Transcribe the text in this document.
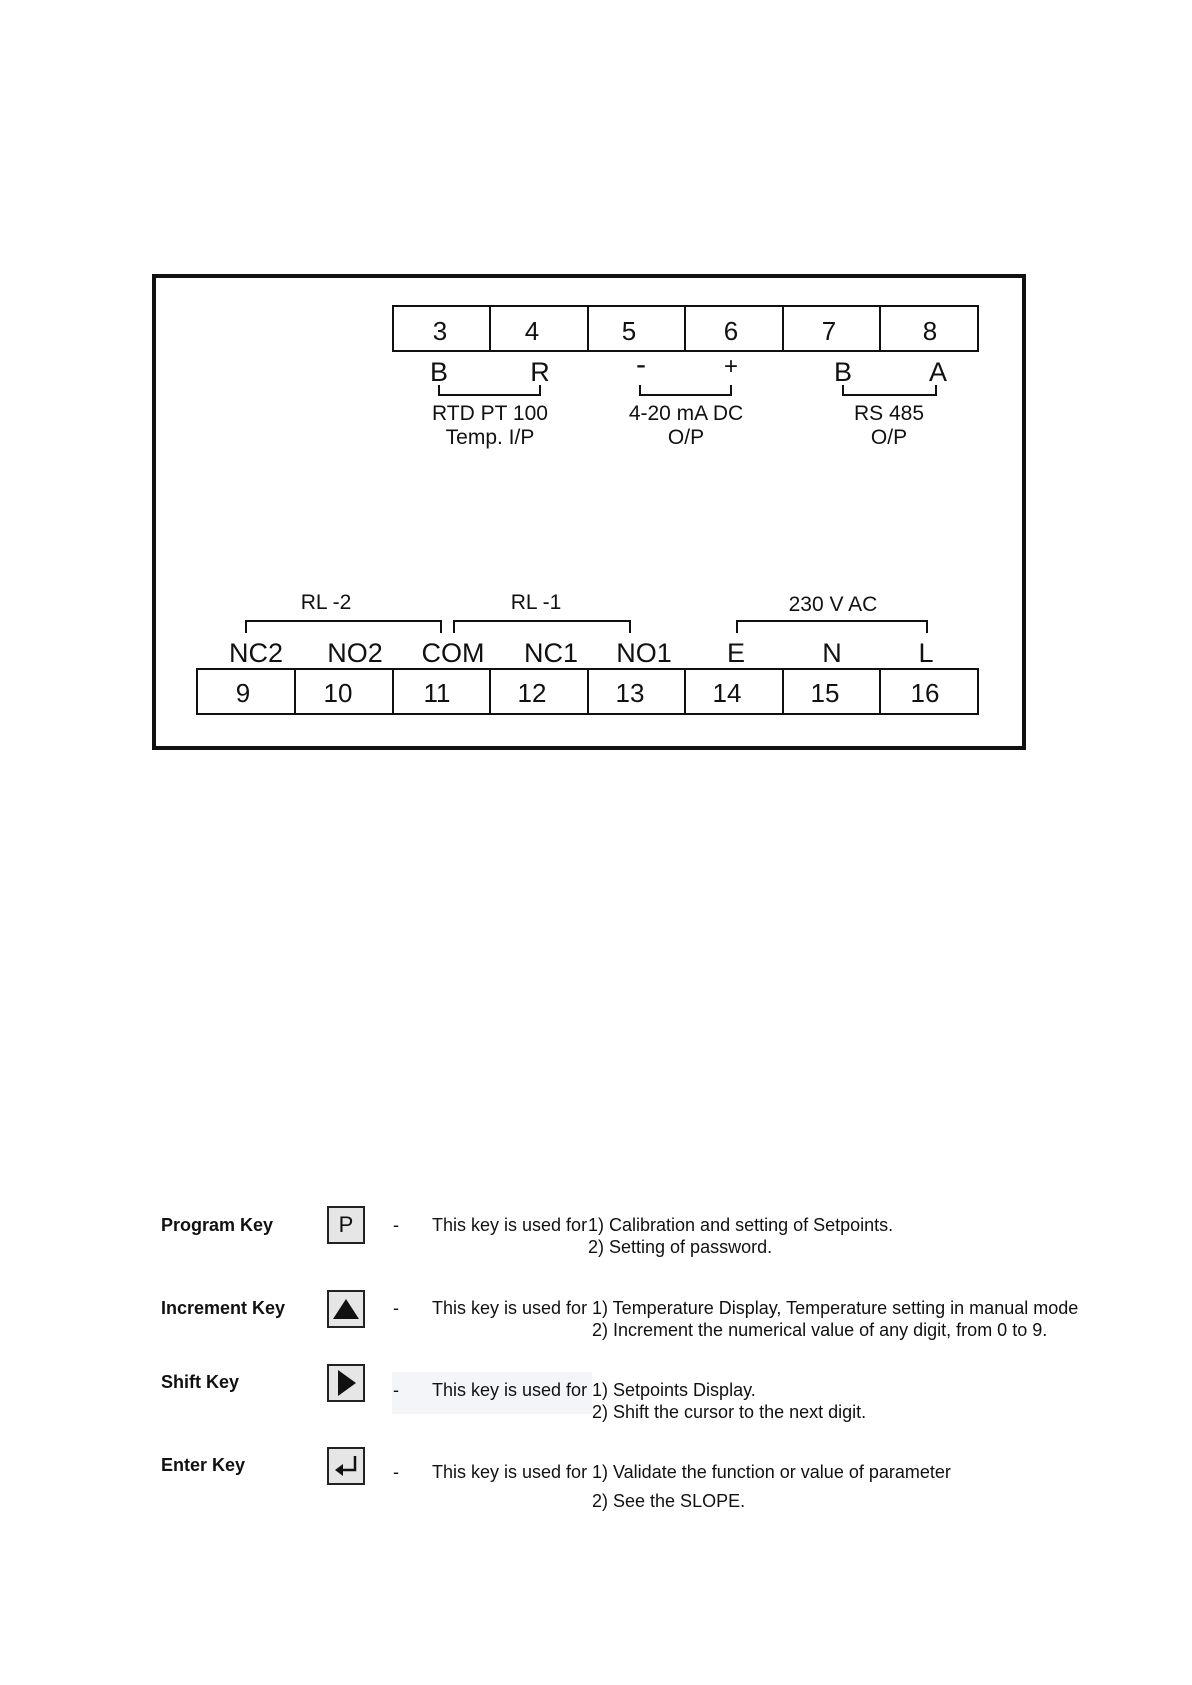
3	4	5	6	7	8
B	R	-	+	B	A
RTD PT 100
Temp. I/P
4-20 mA DC
O/P
RS 485
O/P
RL -2	RL -1	230 V AC
NC2 NO2 COM NC1 NO1 E	N	L
9	10	11	12	13	14	15	16
Program Key	P - This key is used for 1) Calibration and setting of Setpoints.
2) Setting of password.
Increment Key	- This key is used for 1) Temperature Display, Temperature setting in manual mode
2) Increment the numerical value of any digit, from 0 to 9.
Shift Key	- This key is used for 1) Setpoints Display.
2) Shift the cursor to the next digit.
Enter Key	- This key is used for 1) Validate the function or value of parameter
2) See the SLOPE.
